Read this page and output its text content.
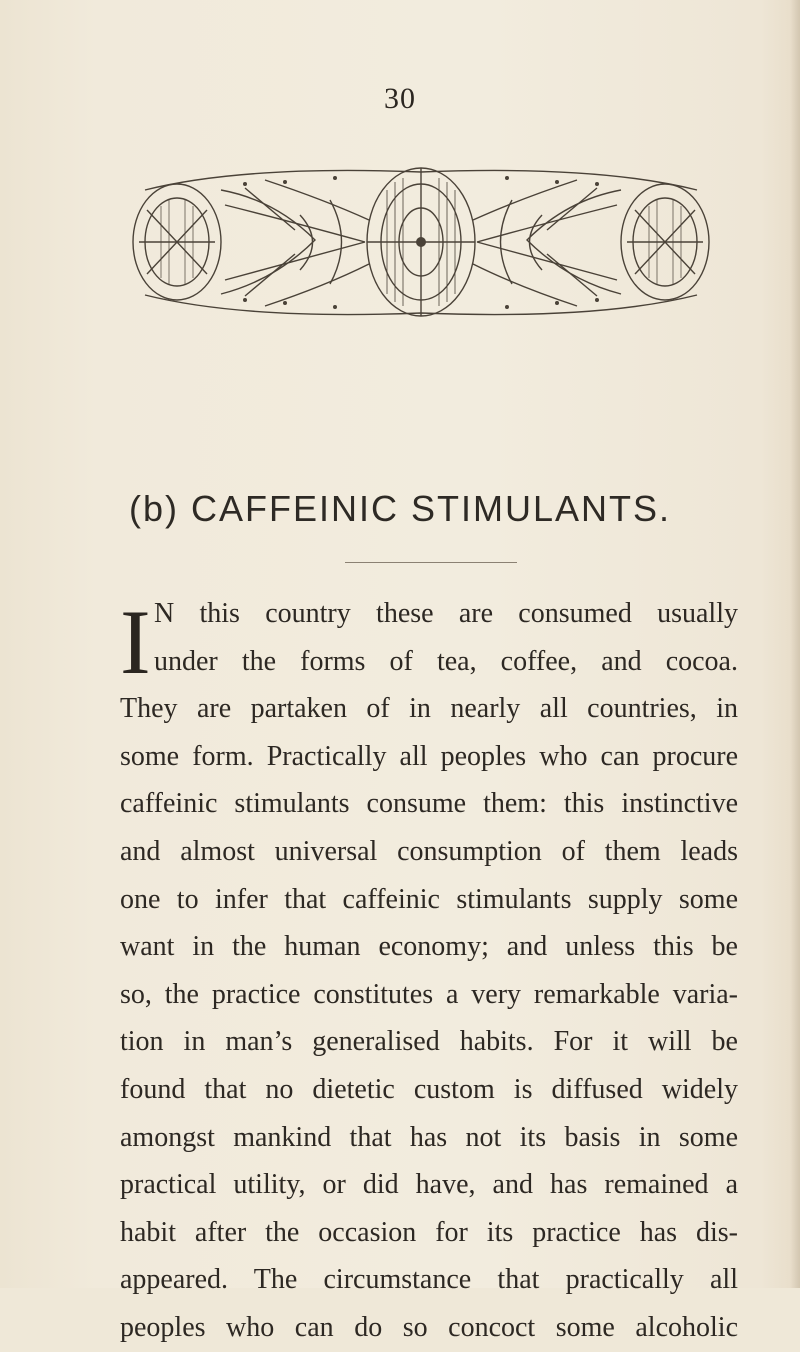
30
(b) CAFFEINIC STIMULANTS.
I N this country these are consumed usually
under the forms of tea, coffee, and cocoa.
They are partaken of in nearly all countries, in
some form. Practically all peoples who can procure
caffeinic stimulants consume them: this instinctive
and almost universal consumption of them leads
one to infer that caffeinic stimulants supply some
want in the human economy; and unless this be
so, the practice constitutes a very remarkable varia-
tion in man’s generalised habits. For it will be
found that no dietetic custom is diffused widely
amongst mankind that has not its basis in some
practical utility, or did have, and has remained a
habit after the occasion for its practice has dis-
appeared. The circumstance that practically all
peoples who can do so concoct some alcoholic
